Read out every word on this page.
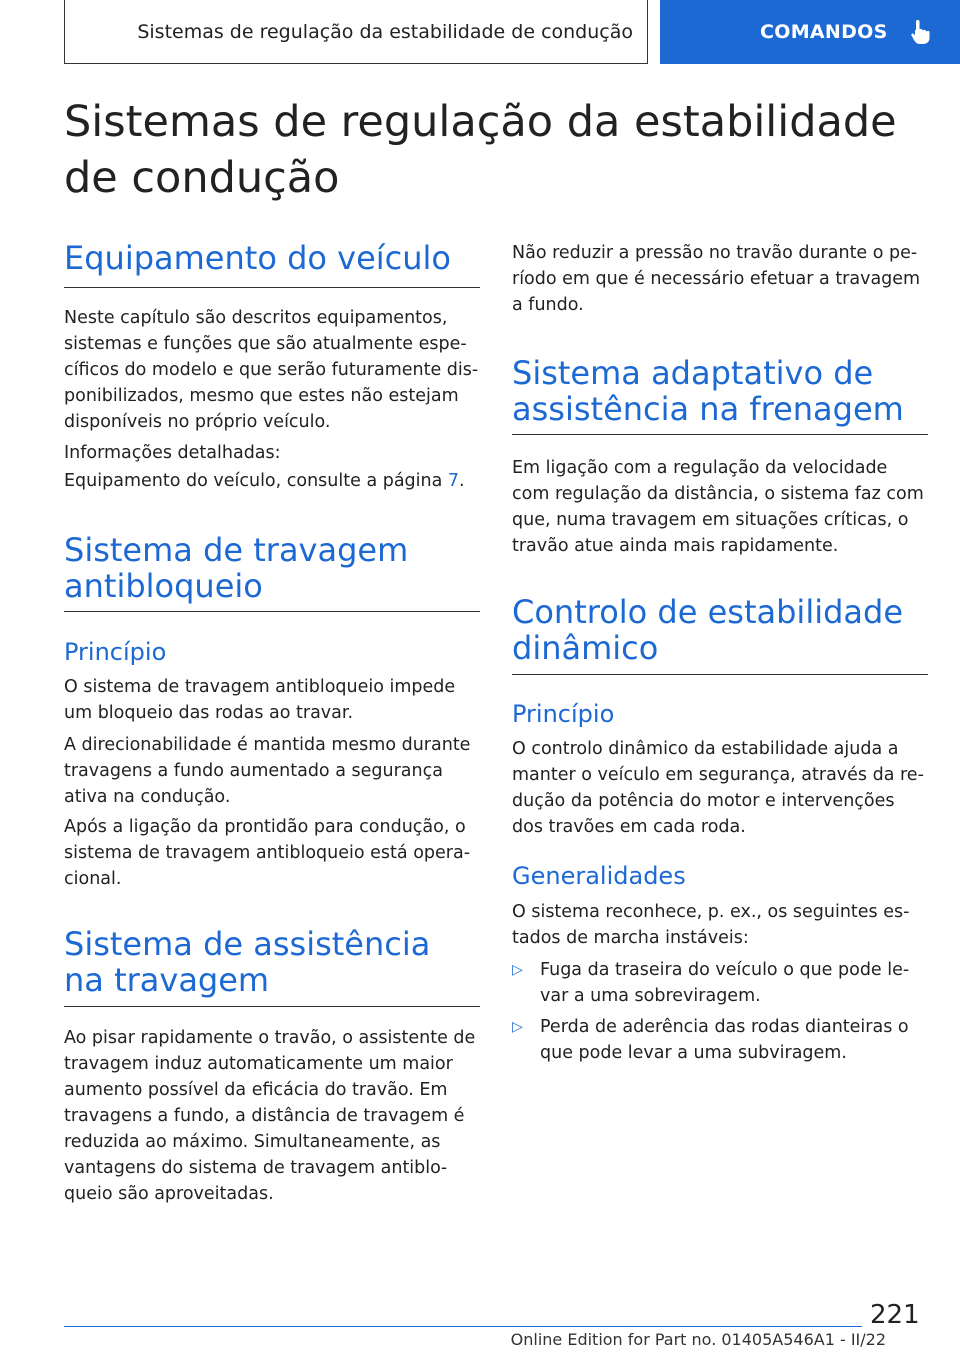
Sistemas de regulação da estabilidade de condução	COMANDOS
Sistemas de regulação da estabilidade de condução
Equipamento do veículo

Neste capítulo são descritos equipamentos, sistemas e funções que são atualmente específicos do modelo e que serão futuramente disponibilizados, mesmo que estes não estejam disponíveis no próprio veículo.

Informações detalhadas:

Equipamento do veículo, consulte a página 7.

Sistema de travagem antibloqueio
Princípio

O sistema de travagem antibloqueio impede um bloqueio das rodas ao travar.

A direcionabilidade é mantida mesmo durante travagens a fundo aumentado a segurança ativa na condução.

Após a ligação da prontidão para condução, o sistema de travagem antibloqueio está operacional.

Sistema de assistência na travagem

Ao pisar rapidamente o travão, o assistente de travagem induz automaticamente um maior aumento possível da eficácia do travão. Em travagens a fundo, a distância de travagem é reduzida ao máximo. Simultaneamente, as vantagens do sistema de travagem antibloqueio são aproveitadas.

Não reduzir a pressão no travão durante o período em que é necessário efetuar a travagem a fundo.

Sistema adaptativo de assistência na frenagem

Em ligação com a regulação da velocidade com regulação da distância, o sistema faz com que, numa travagem em situações críticas, o travão atue ainda mais rapidamente.

Controlo de estabilidade dinâmico
Princípio

O controlo dinâmico da estabilidade ajuda a manter o veículo em segurança, através da redução da potência do motor e intervenções dos travões em cada roda.

Generalidades

O sistema reconhece, p. ex., os seguintes estados de marcha instáveis:

▷ Fuga da traseira do veículo o que pode levar a uma sobreviragem.
▷ Perda de aderência das rodas dianteiras o que pode levar a uma subviragem.
221
Online Edition for Part no. 01405A546A1 - II/22
